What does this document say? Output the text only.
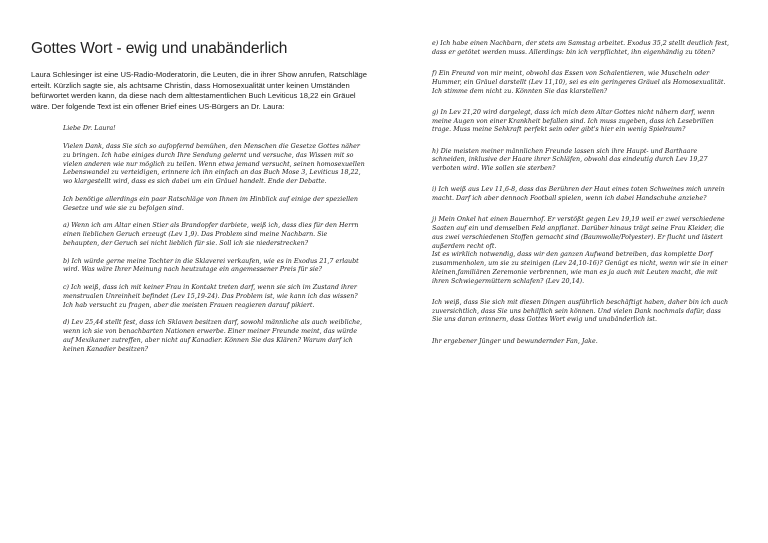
Gottes Wort - ewig und unabänderlich

Laura Schlesinger ist eine US-Radio-Moderatorin, die Leuten, die in ihrer Show anrufen, Ratschläge erteilt. Kürzlich sagte sie, als achtsame Christin, dass Homosexualität unter keinen Umständen befürwortet werden kann, da diese nach dem alttestamentlichen Buch Leviticus 18,22 ein Gräuel wäre. Der folgende Text ist ein offener Brief eines US-Bürgers an Dr. Laura:

Liebe Dr. Laura!

Vielen Dank, dass Sie sich so aufopfernd bemühen, den Menschen die Gesetze Gottes näher zu bringen. Ich habe einiges durch Ihre Sendung gelernt und versuche, das Wissen mit so vielen anderen wie nur möglich zu teilen. Wenn etwa jemand versucht, seinen homosexuellen Lebenswandel zu verteidigen, erinnere ich ihn einfach an das Buch Mose 3, Leviticus 18,22, wo klargestellt wird, dass es sich dabei um ein Gräuel handelt. Ende der Debatte.

Ich benötige allerdings ein paar Ratschläge von Ihnen im Hinblick auf einige der speziellen Gesetze und wie sie zu befolgen sind.

a) Wenn ich am Altar einen Stier als Brandopfer darbiete, weiß ich, dass dies für den Herrn einen lieblichen Geruch erzeugt (Lev 1,9). Das Problem sind meine Nachbarn. Sie behaupten, der Geruch sei nicht lieblich für sie. Soll ich sie niederstrecken?

b) Ich würde gerne meine Tochter in die Sklaverei verkaufen, wie es in Exodus 21,7 erlaubt wird. Was wäre Ihrer Meinung nach heutzutage ein angemessener Preis für sie?

c) Ich weiß, dass ich mit keiner Frau in Kontakt treten darf, wenn sie sich im Zustand ihrer menstrualen Unreinheit befindet (Lev 15,19-24). Das Problem ist, wie kann ich das wissen? Ich hab versucht zu fragen, aber die meisten Frauen reagieren darauf pikiert.

d) Lev 25,44 stellt fest, dass ich Sklaven besitzen darf, sowohl männliche als auch weibliche, wenn ich sie von benachbarten Nationen erwerbe. Einer meiner Freunde meint, das würde auf Mexikaner zutreffen, aber nicht auf Kanadier. Können Sie das Klären? Warum darf ich keinen Kanadier besitzen?

e) Ich habe einen Nachbarn, der stets am Samstag arbeitet. Exodus 35,2 stellt deutlich fest, dass er getötet werden muss. Allerdings: bin ich verpflichtet, ihn eigenhändig zu töten?

f) Ein Freund von mir meint, obwohl das Essen von Schalentieren, wie Muscheln oder Hummer, ein Gräuel darstellt (Lev 11,10), sei es ein geringeres Gräuel als Homosexualität. Ich stimme dem nicht zu. Könnten Sie das klarstellen?

g) In Lev 21,20 wird dargelegt, dass ich mich dem Altar Gottes nicht nähern darf, wenn meine Augen von einer Krankheit befallen sind. Ich muss zugeben, dass ich Lesebrillen trage. Muss meine Sehkraft perfekt sein oder gibt's hier ein wenig Spielraum?

h) Die meisten meiner männlichen Freunde lassen sich ihre Haupt- und Barthaare schneiden, inklusive der Haare ihrer Schläfen, obwohl das eindeutig durch Lev 19,27 verboten wird. Wie sollen sie sterben?

i) Ich weiß aus Lev 11,6-8, dass das Berühren der Haut eines toten Schweines mich unrein macht. Darf ich aber dennoch Football spielen, wenn ich dabei Handschuhe anziehe?

j) Mein Onkel hat einen Bauernhof. Er verstößt gegen Lev 19,19 weil er zwei verschiedene Saaten auf ein und demselben Feld anpflanzt. Darüber hinaus trägt seine Frau Kleider, die aus zwei verschiedenen Stoffen gemacht sind (Baumwolle/Polyester). Er flucht und lästert außerdem recht oft.
Ist es wirklich notwendig, dass wir den ganzen Aufwand betreiben, das komplette Dorf zusammenholen, um sie zu steinigen (Lev 24,10-16)? Genügt es nicht, wenn wir sie in einer kleinen,familiären Zeremonie verbrennen, wie man es ja auch mit Leuten macht, die mit ihren Schwiegermüttern schlafen? (Lev 20,14).

Ich weiß, dass Sie sich mit diesen Dingen ausführlich beschäftigt haben, daher bin ich auch zuversichtlich, dass Sie uns behilflich sein können. Und vielen Dank nochmals dafür, dass Sie uns daran erinnern, dass Gottes Wort ewig und unabänderlich ist.

Ihr ergebener Jünger und bewundernder Fan, Jake.
